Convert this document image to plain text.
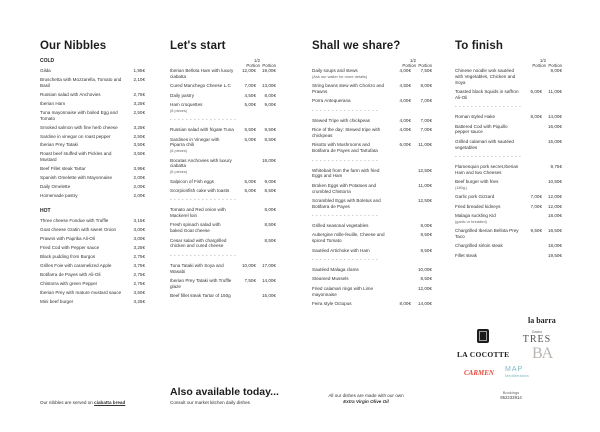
Our Nibbles
COLD
Gilda	1,95€
Bruschetta with Mozzarella, Tomato and Basil
2,10€
Russian salad with Anchovies	2,75€
Iberian Ham	3,25€
Tuna mayonnaise with boiled Egg and Tomato
2,50€
Smoked salmon with fine herb cheese	3,25€
Sardine in vinegar on roast pepper	2,50€
Iberian Prey Tataki	3,50€
Roast beef stuffed with Pickles and Mustard
3,50€
Beef Fillet steak Tartar	3,95€
Spanish Omelette with Mayonnaise	2,00€
Daily Omelette	2,00€
Homemade pastry	2,00€
HOT
Three cheese Fondue with Truffle	3,15€
Goat cheese Gratin with sweet Onion	3,00€
Prawns with Paprika Ali-Oli	3,00€
Fried Cod with Pepper sauce	3,25€
Black pudding from Burgos	2,75€
Grilles Foie with caramelized Apple	3,75€
Botifarra de Payes with Ali-Oli	2,75€
Chistorra with green Pepper	2,75€
Iberian Prey with mature mustard sauce	3,50€
Mini beef burger	3,25€
Let's start
1/2 Portion Portion
Iberian Bellota Ham with luxury ciabatta
12,00€ 19,00€
Cured Manchego Cheese L.C	7,00€ 13,00€
Daily pastry	4,50€ 8,00€
Ham croquettes
(8 pieces)
5,00€ 9,00€
- - - - - - - - - - - - - - - - -
Russian salad with frigate Tuna 5,50€ 9,50€
Sardines in Vinegar with Piparra chili
(6 pieces)
5,00€ 8,50€
Bocatas Anchovies with luxury ciabatta
(6 pieces)
18,00€
Salpicon of Fish eggs	5,00€ 9,00€
Scorpionfish cake with toasts	5,00€ 8,50€
- - - - - - - - - - - - - - - - -
Tomato and Red onion with Mackerel loin
8,00€
Fresh spinach salad with baked Goat cheese
8,50€
Cesar salad with chargrilled chicken and cured cheese
8,50€
- - - - - - - - - - - - - - - - -
Tuna Tataki with Soya and Wasabi
10,00€ 17,00€
Iberian Prey Tataki with Truffle glaze
7,50€ 14,00€
Beef fillet steak Tartar of 150g	15,00€
Shall we share?
1/2 Portion Portion
Daily soups and stews
(Ask our waiter for more details)
4,00€ 7,50€
String beans stew with Chorizo and Prawns
4,50€ 8,00€
Porra Antequerana	4,00€ 7,00€
- - - - - - - - - - - - - - - - -
Stewed Tripe with chickpeas	4,00€ 7,00€
Rice of the day: Stewed tripe with chickpeas
4,00€ 7,00€
Risotto with Mushrooms and Botifarra de Payes and Tartufata
6,00€ 11,00€
- - - - - - - - - - - - - - - - -
Whitebait from the farm with fried Eggs and Ham
12,50€
Broken Eggs with Potatoes and crumbled Chistorra
11,00€
Scrambled Eggs with Boletus and Botifarra de Payes
12,50€
- - - - - - - - - - - - - - - - -
Grilled seasonal vegetables	8,00€
Aubergine mille-feuille, Cheese and spiced Tomato
9,50€
Sautéed Artichoke with Ham	9,50€
- - - - - - - - - - - - - - - - -
Sautéed Malaga clams	10,00€
Steamed Mussels	8,50€
Fried calamari rings with Lime mayonnaise
12,00€
Feira style Octopus	8,00€ 14,00€
To finish
1/2 Portion Portion
Chinese noodle wok sautéed with Vegetables, Chicken and Soya
9,00€
Toasted black Squids in saffron Ali-Oli
6,00€ 11,00€
- - - - - - - - - - - - - - - - -
Roman styled Hake	8,00€ 14,00€
Battered Cod with Piquillo pepper sauce
16,00€
Grilled calamari with sautéed vegetables
15,00€
- - - - - - - - - - - - - - - - -
Flamenquin pork secret,Iberian Ham and two Cheeses
9,75€
Beef burger with fries
(180g.)
10,50€
Garlic pork Gizzard	7,00€ 12,00€
Fried breaded kidneys	7,00€ 12,00€
Malaga suckling Kid
(garlic or breaded)
18,00€
Chargrilled Iberian Bellota Prey Taco
9,50€ 16,50€
Chargrilled sirloin steak	18,00€
Fillet steak	19,50€
Our nibbles are served on ciabatta bread
Also available today...
Consult our market kitchen daily dishes
All our dishes are made with our own
Extra Virgin Olive Oil
la barra
Gastro
TRES
LA COCOTTE BA
CARMEN MAP
Mediterránea
Bookings
952233914
